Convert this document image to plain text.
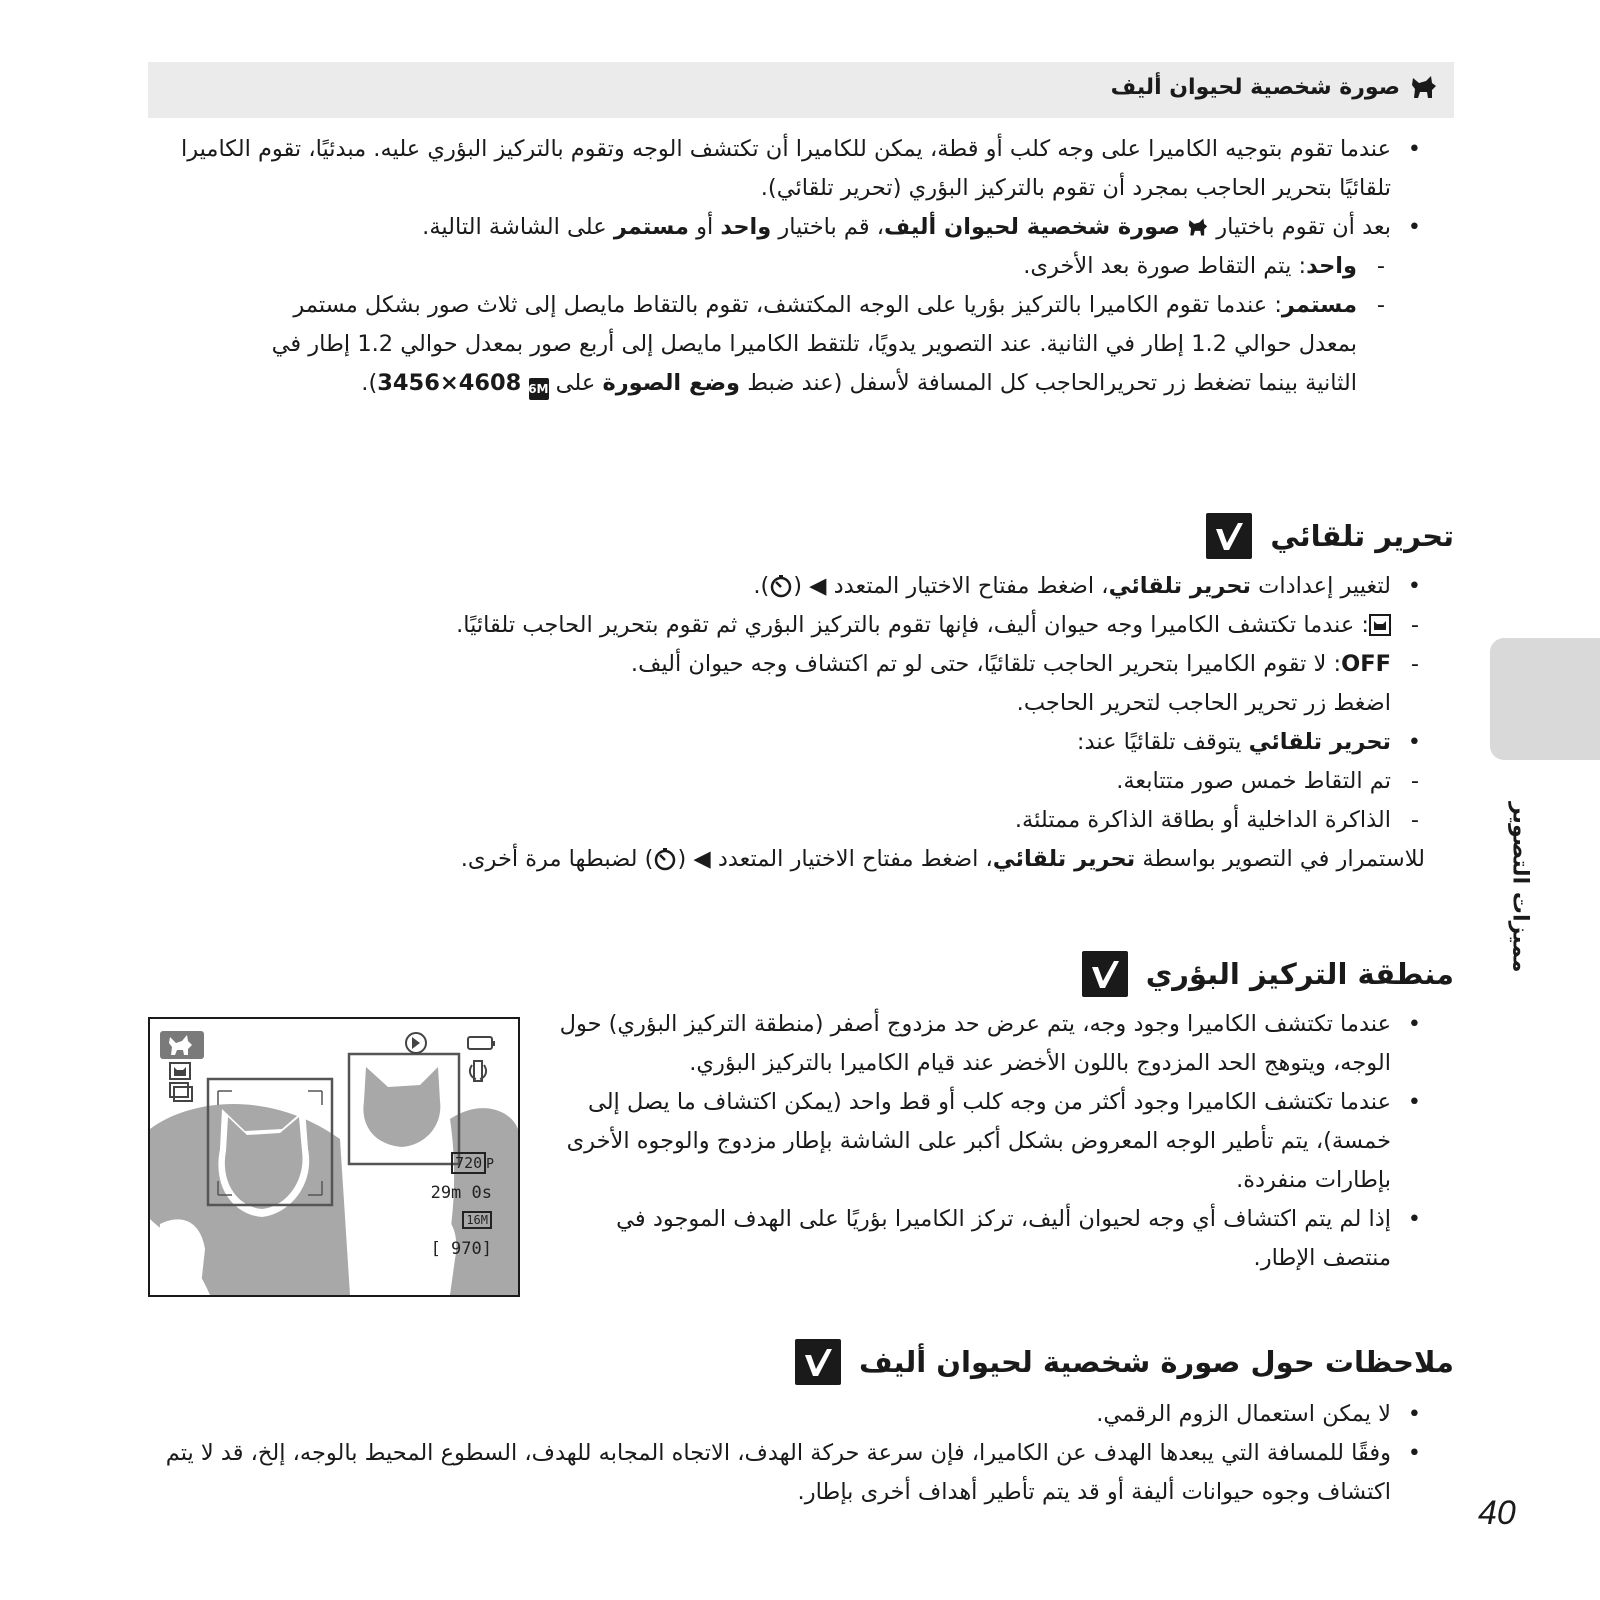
صورة شخصية لحيوان أليف
• عندما تقوم بتوجيه الكاميرا على وجه كلب أو قطة، يمكن للكاميرا أن تكتشف الوجه وتقوم بالتركيز البؤري عليه. مبدئيًا، تقوم الكاميرا تلقائيًا بتحرير الحاجب بمجرد أن تقوم بالتركيز البؤري (تحرير تلقائي).
• بعد أن تقوم باختيار  صورة شخصية لحيوان أليف، قم باختيار واحد أو مستمر على الشاشة التالية.
- واحد: يتم التقاط صورة بعد الأخرى.
- مستمر: عندما تقوم الكاميرا بالتركيز بؤريا على الوجه المكتشف، تقوم بالتقاط مايصل إلى ثلاث صور بشكل مستمر بمعدل حوالي 1.2 إطار في الثانية. عند التصوير يدويًا، تلتقط الكاميرا مايصل إلى أربع صور بمعدل حوالي 1.2 إطار في الثانية بينما تضغط زر تحريرالحاجب كل المسافة لأسفل (عند ضبط وضع الصورة على 16M 4608×3456).
تحرير تلقائي
• لتغيير إعدادات تحرير تلقائي، اضغط مفتاح الاختيار المتعدد ◀ ().
- : عندما تكتشف الكاميرا وجه حيوان أليف، فإنها تقوم بالتركيز البؤري ثم تقوم بتحرير الحاجب تلقائيًا.
- OFF: لا تقوم الكاميرا بتحرير الحاجب تلقائيًا، حتى لو تم اكتشاف وجه حيوان أليف.
اضغط زر تحرير الحاجب لتحرير الحاجب.
• تحرير تلقائي يتوقف تلقائيًا عند:
- تم التقاط خمس صور متتابعة.
- الذاكرة الداخلية أو بطاقة الذاكرة ممتلئة.
للاستمرار في التصوير بواسطة تحرير تلقائي، اضغط مفتاح الاختيار المتعدد ◀ () لضبطها مرة أخرى.
منطقة التركيز البؤري
• عندما تكتشف الكاميرا وجود وجه، يتم عرض حد مزدوج أصفر (منطقة التركيز البؤري) حول الوجه، ويتوهج الحد المزدوج باللون الأخضر عند قيام الكاميرا بالتركيز البؤري.
• عندما تكتشف الكاميرا وجود أكثر من وجه كلب أو قط واحد (يمكن اكتشاف ما يصل إلى خمسة)، يتم تأطير الوجه المعروض بشكل أكبر على الشاشة بإطار مزدوج والوجوه الأخرى بإطارات منفردة.
• إذا لم يتم اكتشاف أي وجه لحيوان أليف، تركز الكاميرا بؤريًا على الهدف الموجود في منتصف الإطار.
720 P
29m 0s
16M
[ 970]
ملاحظات حول صورة شخصية لحيوان أليف
• لا يمكن استعمال الزوم الرقمي.
• وفقًا للمسافة التي يبعدها الهدف عن الكاميرا، فإن سرعة حركة الهدف، الاتجاه المجابه للهدف، السطوع المحيط بالوجه، إلخ، قد لا يتم اكتشاف وجوه حيوانات أليفة أو قد يتم تأطير أهداف أخرى بإطار.
مميزات التصوير
40
